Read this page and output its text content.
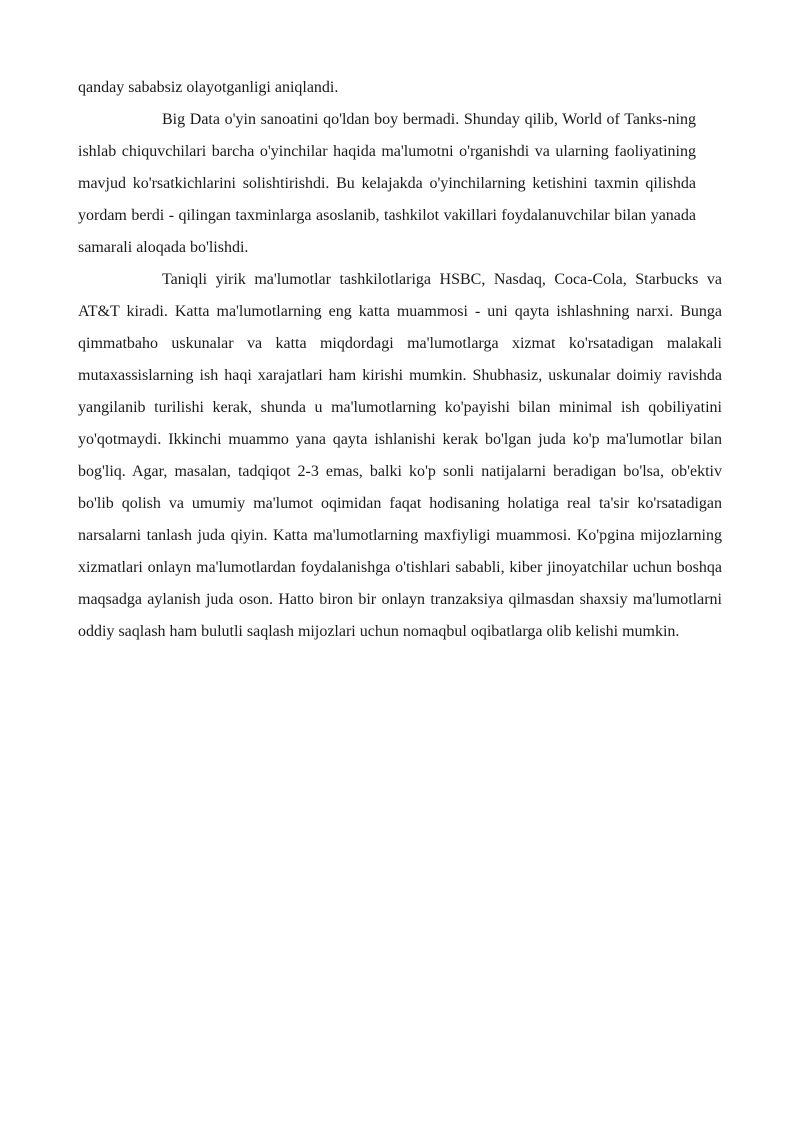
qanday sababsiz olayotganligi aniqlandi.

Big Data o'yin sanoatini qo'ldan boy bermadi. Shunday qilib, World of Tanks-ning ishlab chiquvchilari barcha o'yinchilar haqida ma'lumotni o'rganishdi va ularning faoliyatining mavjud ko'rsatkichlarini solishtirishdi. Bu kelajakda o'yinchilarning ketishini taxmin qilishda yordam berdi - qilingan taxminlarga asoslanib, tashkilot vakillari foydalanuvchilar bilan yanada samarali aloqada bo'lishdi.

Taniqli yirik ma'lumotlar tashkilotlariga HSBC, Nasdaq, Coca-Cola, Starbucks va AT&T kiradi. Katta ma'lumotlarning eng katta muammosi - uni qayta ishlashning narxi. Bunga qimmatbaho uskunalar va katta miqdordagi ma'lumotlarga xizmat ko'rsatadigan malakali mutaxassislarning ish haqi xarajatlari ham kirishi mumkin. Shubhasiz, uskunalar doimiy ravishda yangilanib turilishi kerak, shunda u ma'lumotlarning ko'payishi bilan minimal ish qobiliyatini yo'qotmaydi. Ikkinchi muammo yana qayta ishlanishi kerak bo'lgan juda ko'p ma'lumotlar bilan bog'liq. Agar, masalan, tadqiqot 2-3 emas, balki ko'p sonli natijalarni beradigan bo'lsa, ob'ektiv bo'lib qolish va umumiy ma'lumot oqimidan faqat hodisaning holatiga real ta'sir ko'rsatadigan narsalarni tanlash juda qiyin. Katta ma'lumotlarning maxfiyligi muammosi. Ko'pgina mijozlarning xizmatlari onlayn ma'lumotlardan foydalanishga o'tishlari sababli, kiber jinoyatchilar uchun boshqa maqsadga aylanish juda oson. Hatto biron bir onlayn tranzaksiya qilmasdan shaxsiy ma'lumotlarni oddiy saqlash ham bulutli saqlash mijozlari uchun nomaqbul oqibatlarga olib kelishi mumkin.
